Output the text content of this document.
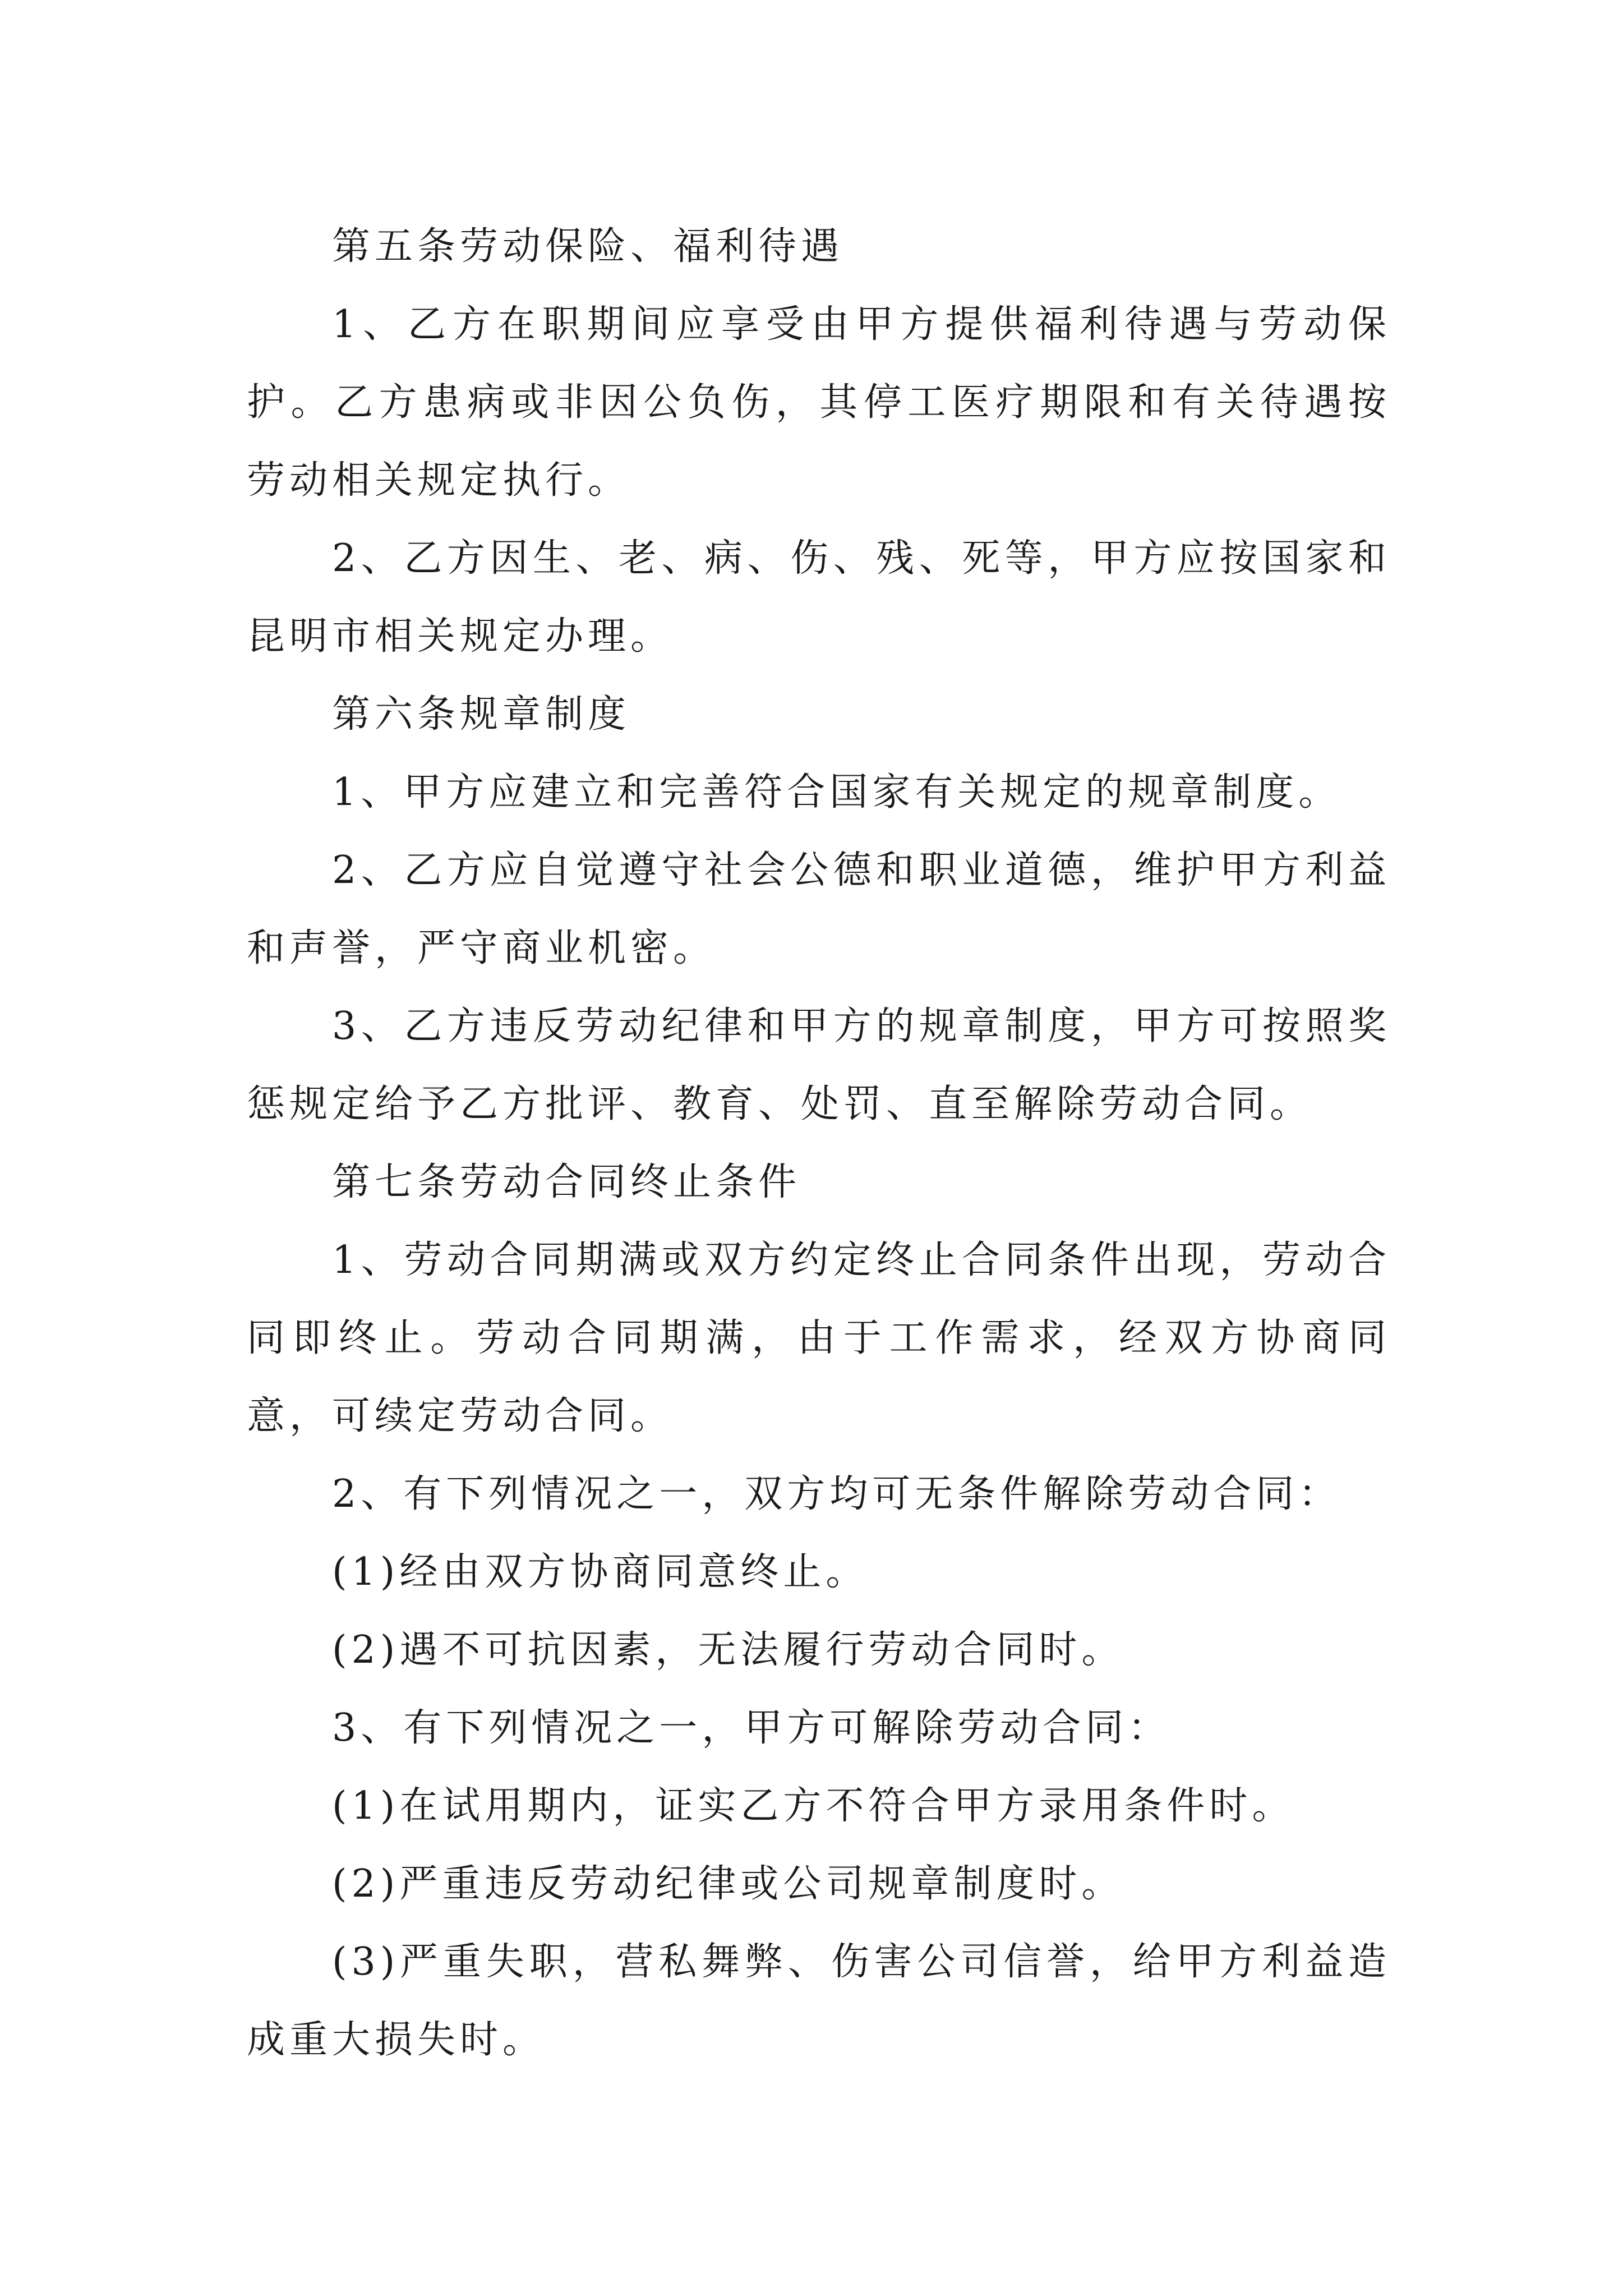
第五条劳动保险、福利待遇

1、乙方在职期间应享受由甲方提供福利待遇与劳动保护。乙方患病或非因公负伤，其停工医疗期限和有关待遇按劳动相关规定执行。

2、乙方因生、老、病、伤、残、死等，甲方应按国家和昆明市相关规定办理。

第六条规章制度

1、甲方应建立和完善符合国家有关规定的规章制度。

2、乙方应自觉遵守社会公德和职业道德，维护甲方利益和声誉，严守商业机密。

3、乙方违反劳动纪律和甲方的规章制度，甲方可按照奖惩规定给予乙方批评、教育、处罚、直至解除劳动合同。

第七条劳动合同终止条件

1、劳动合同期满或双方约定终止合同条件出现，劳动合同即终止。劳动合同期满，由于工作需求，经双方协商同意，可续定劳动合同。

2、有下列情况之一，双方均可无条件解除劳动合同：

(1)经由双方协商同意终止。

(2)遇不可抗因素，无法履行劳动合同时。

3、有下列情况之一，甲方可解除劳动合同：

(1)在试用期内，证实乙方不符合甲方录用条件时。

(2)严重违反劳动纪律或公司规章制度时。

(3)严重失职，营私舞弊、伤害公司信誉，给甲方利益造成重大损失时。
